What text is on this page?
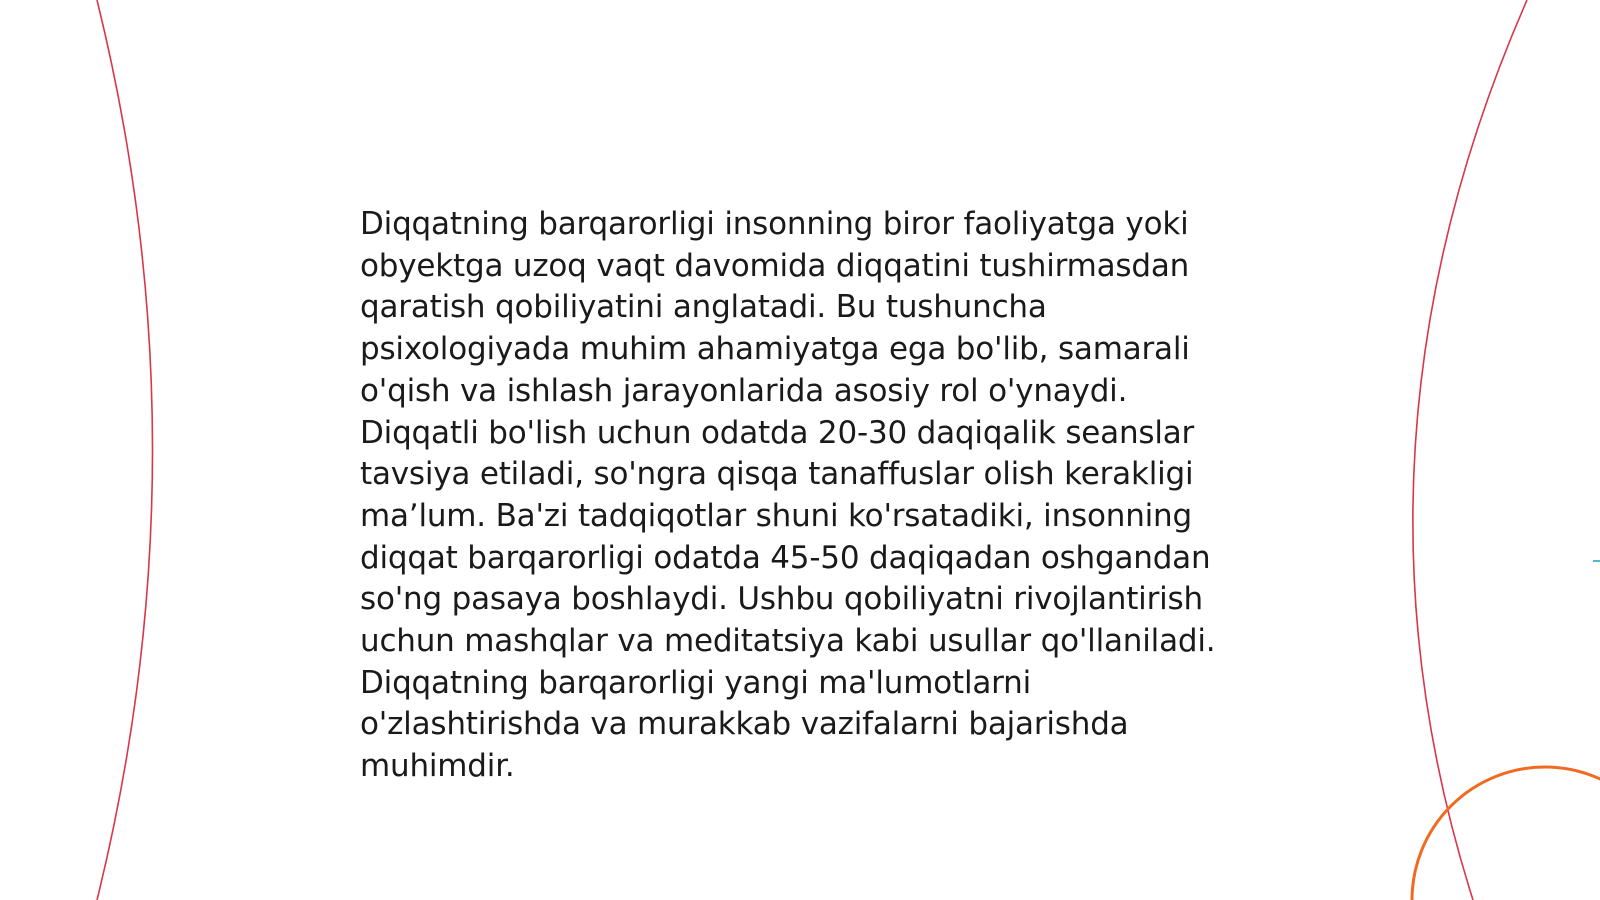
Diqqatning barqarorligi insonning biror faoliyatga yoki obyektga uzoq vaqt davomida diqqatini tushirmasdan qaratish qobiliyatini anglatadi. Bu tushuncha psixologiyada muhim ahamiyatga ega bo'lib, samarali o'qish va ishlash jarayonlarida asosiy rol o'ynaydi. Diqqatli bo'lish uchun odatda 20-30 daqiqalik seanslar tavsiya etiladi, so'ngra qisqa tanaffuslar olish kerakligi ma’lum. Ba'zi tadqiqotlar shuni ko'rsatadiki, insonning diqqat barqarorligi odatda 45-50 daqiqadan oshgandan so'ng pasaya boshlaydi. Ushbu qobiliyatni rivojlantirish uchun mashqlar va meditatsiya kabi usullar qo'llaniladi. Diqqatning barqarorligi yangi ma'lumotlarni o'zlashtirishda va murakkab vazifalarni bajarishda muhimdir.
